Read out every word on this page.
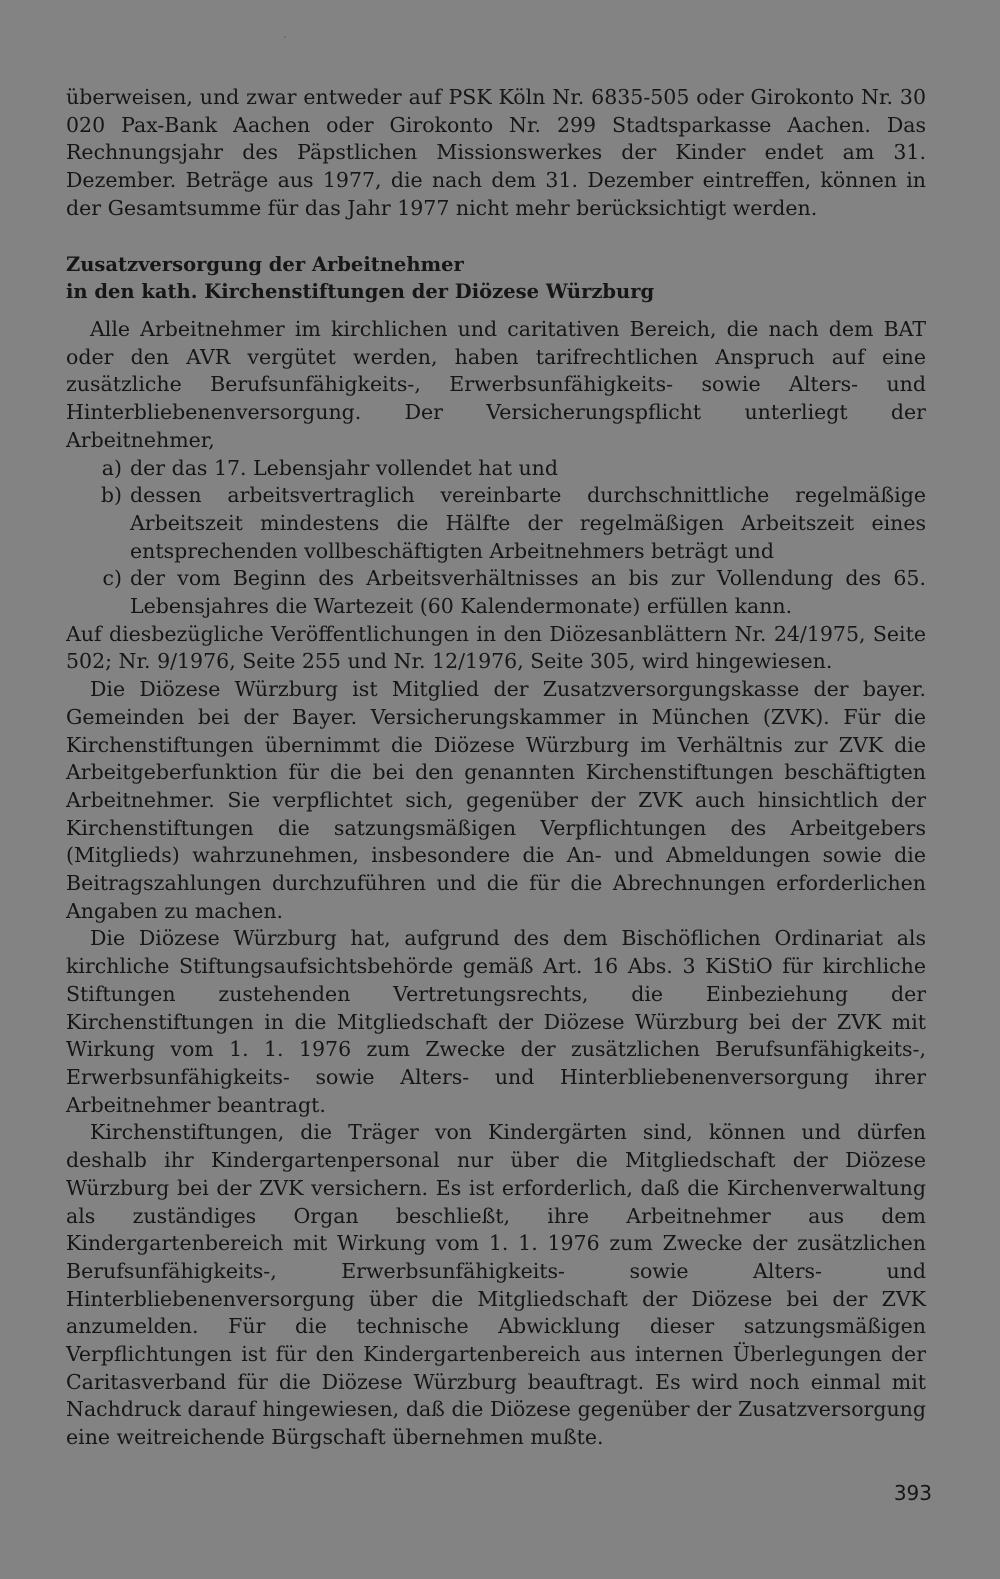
überweisen, und zwar entweder auf PSK Köln Nr. 6835-505 oder Girokonto Nr. 30 020 Pax-Bank Aachen oder Girokonto Nr. 299 Stadtsparkasse Aachen. Das Rechnungsjahr des Päpstlichen Missionswerkes der Kinder endet am 31. Dezember. Beträge aus 1977, die nach dem 31. Dezember eintreffen, können in der Gesamtsumme für das Jahr 1977 nicht mehr berücksichtigt werden.

Zusatzversorgung der Arbeitnehmer
in den kath. Kirchenstiftungen der Diözese Würzburg

Alle Arbeitnehmer im kirchlichen und caritativen Bereich, die nach dem BAT oder den AVR vergütet werden, haben tarifrechtlichen Anspruch auf eine zusätzliche Berufsunfähigkeits-, Erwerbsunfähigkeits- sowie Alters- und Hinterbliebenenversorgung. Der Versicherungspflicht unterliegt der Arbeitnehmer,

a) der das 17. Lebensjahr vollendet hat und
b) dessen arbeitsvertraglich vereinbarte durchschnittliche regelmäßige Arbeitszeit mindestens die Hälfte der regelmäßigen Arbeitszeit eines entsprechenden vollbeschäftigten Arbeitnehmers beträgt und
c) der vom Beginn des Arbeitsverhältnisses an bis zur Vollendung des 65. Lebensjahres die Wartezeit (60 Kalendermonate) erfüllen kann.

Auf diesbezügliche Veröffentlichungen in den Diözesanblättern Nr. 24/1975, Seite 502; Nr. 9/1976, Seite 255 und Nr. 12/1976, Seite 305, wird hingewiesen.

Die Diözese Würzburg ist Mitglied der Zusatzversorgungskasse der bayer. Gemeinden bei der Bayer. Versicherungskammer in München (ZVK). Für die Kirchenstiftungen übernimmt die Diözese Würzburg im Verhältnis zur ZVK die Arbeitgeberfunktion für die bei den genannten Kirchenstiftungen beschäftigten Arbeitnehmer. Sie verpflichtet sich, gegenüber der ZVK auch hinsichtlich der Kirchenstiftungen die satzungsmäßigen Verpflichtungen des Arbeitgebers (Mitglieds) wahrzunehmen, insbesondere die An- und Abmeldungen sowie die Beitragszahlungen durchzuführen und die für die Abrechnungen erforderlichen Angaben zu machen.

Die Diözese Würzburg hat, aufgrund des dem Bischöflichen Ordinariat als kirchliche Stiftungsaufsichtsbehörde gemäß Art. 16 Abs. 3 KiStiO für kirchliche Stiftungen zustehenden Vertretungsrechts, die Einbeziehung der Kirchenstiftungen in die Mitgliedschaft der Diözese Würzburg bei der ZVK mit Wirkung vom 1. 1. 1976 zum Zwecke der zusätzlichen Berufsunfähigkeits-, Erwerbsunfähigkeits- sowie Alters- und Hinterbliebenenversorgung ihrer Arbeitnehmer beantragt.

Kirchenstiftungen, die Träger von Kindergärten sind, können und dürfen deshalb ihr Kindergartenpersonal nur über die Mitgliedschaft der Diözese Würzburg bei der ZVK versichern. Es ist erforderlich, daß die Kirchenverwaltung als zuständiges Organ beschließt, ihre Arbeitnehmer aus dem Kindergartenbereich mit Wirkung vom 1. 1. 1976 zum Zwecke der zusätzlichen Berufsunfähigkeits-, Erwerbsunfähigkeits- sowie Alters- und Hinterbliebenenversorgung über die Mitgliedschaft der Diözese bei der ZVK anzumelden. Für die technische Abwicklung dieser satzungsmäßigen Verpflichtungen ist für den Kindergartenbereich aus internen Überlegungen der Caritasverband für die Diözese Würzburg beauftragt. Es wird noch einmal mit Nachdruck darauf hingewiesen, daß die Diözese gegenüber der Zusatzversorgung eine weitreichende Bürgschaft übernehmen mußte.

393
